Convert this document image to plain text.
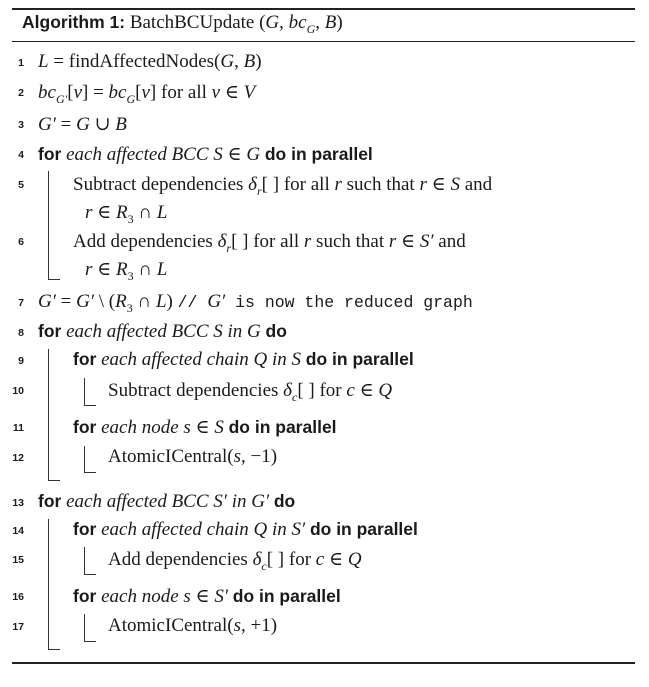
Algorithm 1: BatchBCUpdate (G, $bc_G$, B)
1 L = findAffectedNodes(G, B)
2 $bc_{G'}[v] = bc_G[v]$ for all v ∈ V
3 G′ = G ∪ B
4 for each affected BCC S ∈ G do in parallel
5	Subtract dependencies $\delta_r$[ ] for all r such that r ∈ S and
r ∈ $R_3$ ∩ L
6	Add dependencies $\delta_r$[ ] for all r such that r ∈ S′ and
r ∈ $R_3$ ∩ L
7 G′ = G′ \ ($R_3$ ∩ L) // G′ is now the reduced graph
8 for each affected BCC S in G do
9	for each affected chain Q in S do in parallel
10	Subtract dependencies $\delta_c$[ ] for c ∈ Q
11	for each node s ∈ S do in parallel
12	AtomicICentral(s, −1)
13 for each affected BCC S′ in G′ do
14	for each affected chain Q in S′ do in parallel
15	Add dependencies $\delta_c$[ ] for c ∈ Q
16	for each node s ∈ S′ do in parallel
17	AtomicICentral(s, +1)
